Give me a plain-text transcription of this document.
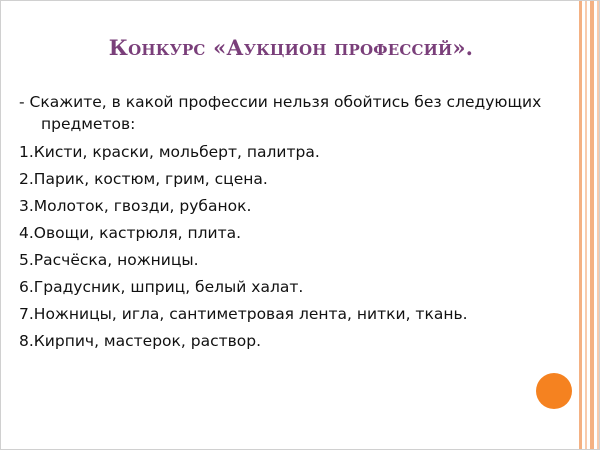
Конкурс «Аукцион профессий».
- Скажите, в какой профессии нельзя обойтись без следующих предметов:
1.Кисти, краски, мольберт, палитра.
2.Парик, костюм, грим, сцена.
3.Молоток, гвозди, рубанок.
4.Овощи, кастрюля, плита.
5.Расчёска, ножницы.
6.Градусник, шприц, белый халат.
7.Ножницы, игла, сантиметровая лента, нитки, ткань.
8.Кирпич, мастерок, раствор.
